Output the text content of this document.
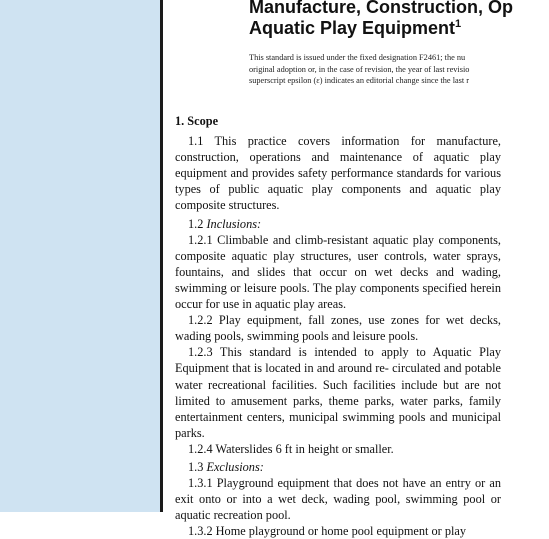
Manufacture, Construction, Op
Aquatic Play Equipment$^1$
This standard is issued under the fixed designation F2461; the nu
original adoption or, in the case of revision, the year of last revisio
superscript epsilon (ε) indicates an editorial change since the last r
1. Scope

1.1 This practice covers information for manufacture, construction, operations and maintenance of aquatic play equipment and provides safety performance standards for various types of public aquatic play components and aquatic play composite structures.

1.2 Inclusions:

1.2.1 Climbable and climb-resistant aquatic play components, composite aquatic play structures, user controls, water sprays, fountains, and slides that occur on wet decks and wading, swimming or leisure pools. The play components specified herein occur for use in aquatic play areas.

1.2.2 Play equipment, fall zones, use zones for wet decks, wading pools, swimming pools and leisure pools.

1.2.3 This standard is intended to apply to Aquatic Play Equipment that is located in and around re- circulated and potable water recreational facilities. Such facilities include but are not limited to amusement parks, theme parks, water parks, family entertainment centers, municipal swimming pools and municipal parks.

1.2.4 Waterslides 6 ft in height or smaller.

1.3 Exclusions:

1.3.1 Playground equipment that does not have an entry or an exit onto or into a wet deck, wading pool, swimming pool or aquatic recreation pool.

1.3.2 Home playground or home pool equipment or play
